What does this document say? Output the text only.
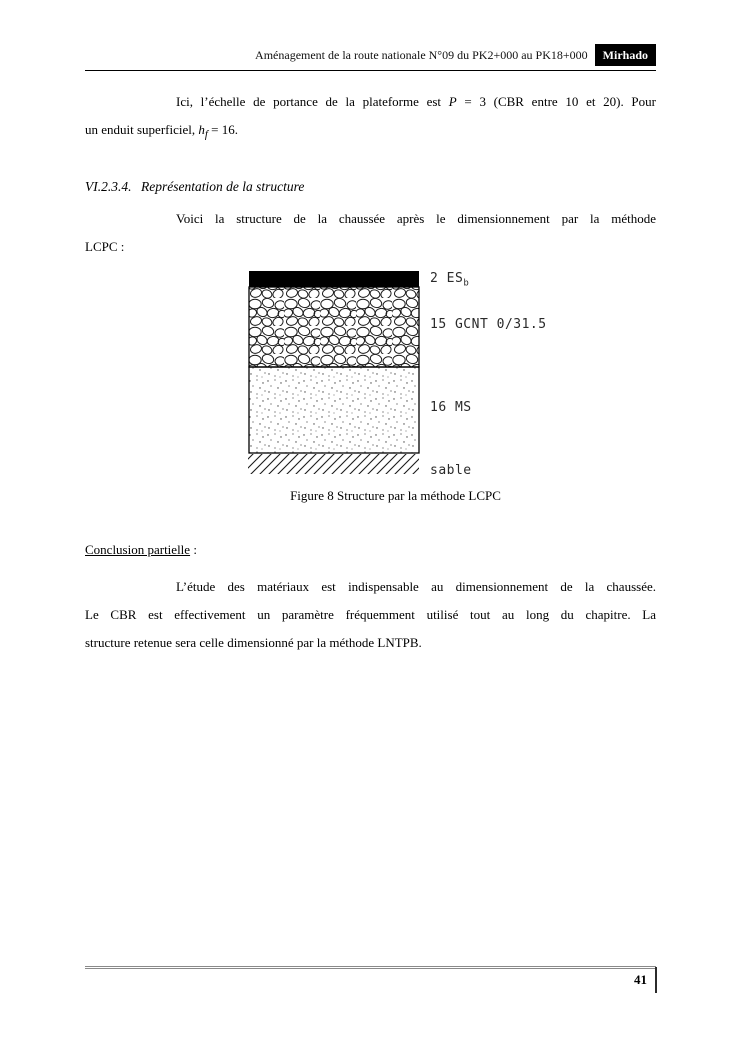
Aménagement de la route nationale N°09 du PK2+000 au PK18+000	Mirhado

Ici, l’échelle de portance de la plateforme est P = 3 (CBR entre 10 et 20). Pour
un enduit superficiel, $h_f = 16$.

VI.2.3.4. Représentation de la structure

Voici la structure de la chaussée après le dimensionnement par la méthode
LCPC :

2 $ES_b$
15 GCNT 0/31.5
16 MS
sable

Figure 8 Structure par la méthode LCPC

Conclusion partielle :

L’étude des matériaux est indispensable au dimensionnement de la chaussée.
Le CBR est effectivement un paramètre fréquemment utilisé tout au long du chapitre. La
structure retenue sera celle dimensionné par la méthode LNTPB.

41
